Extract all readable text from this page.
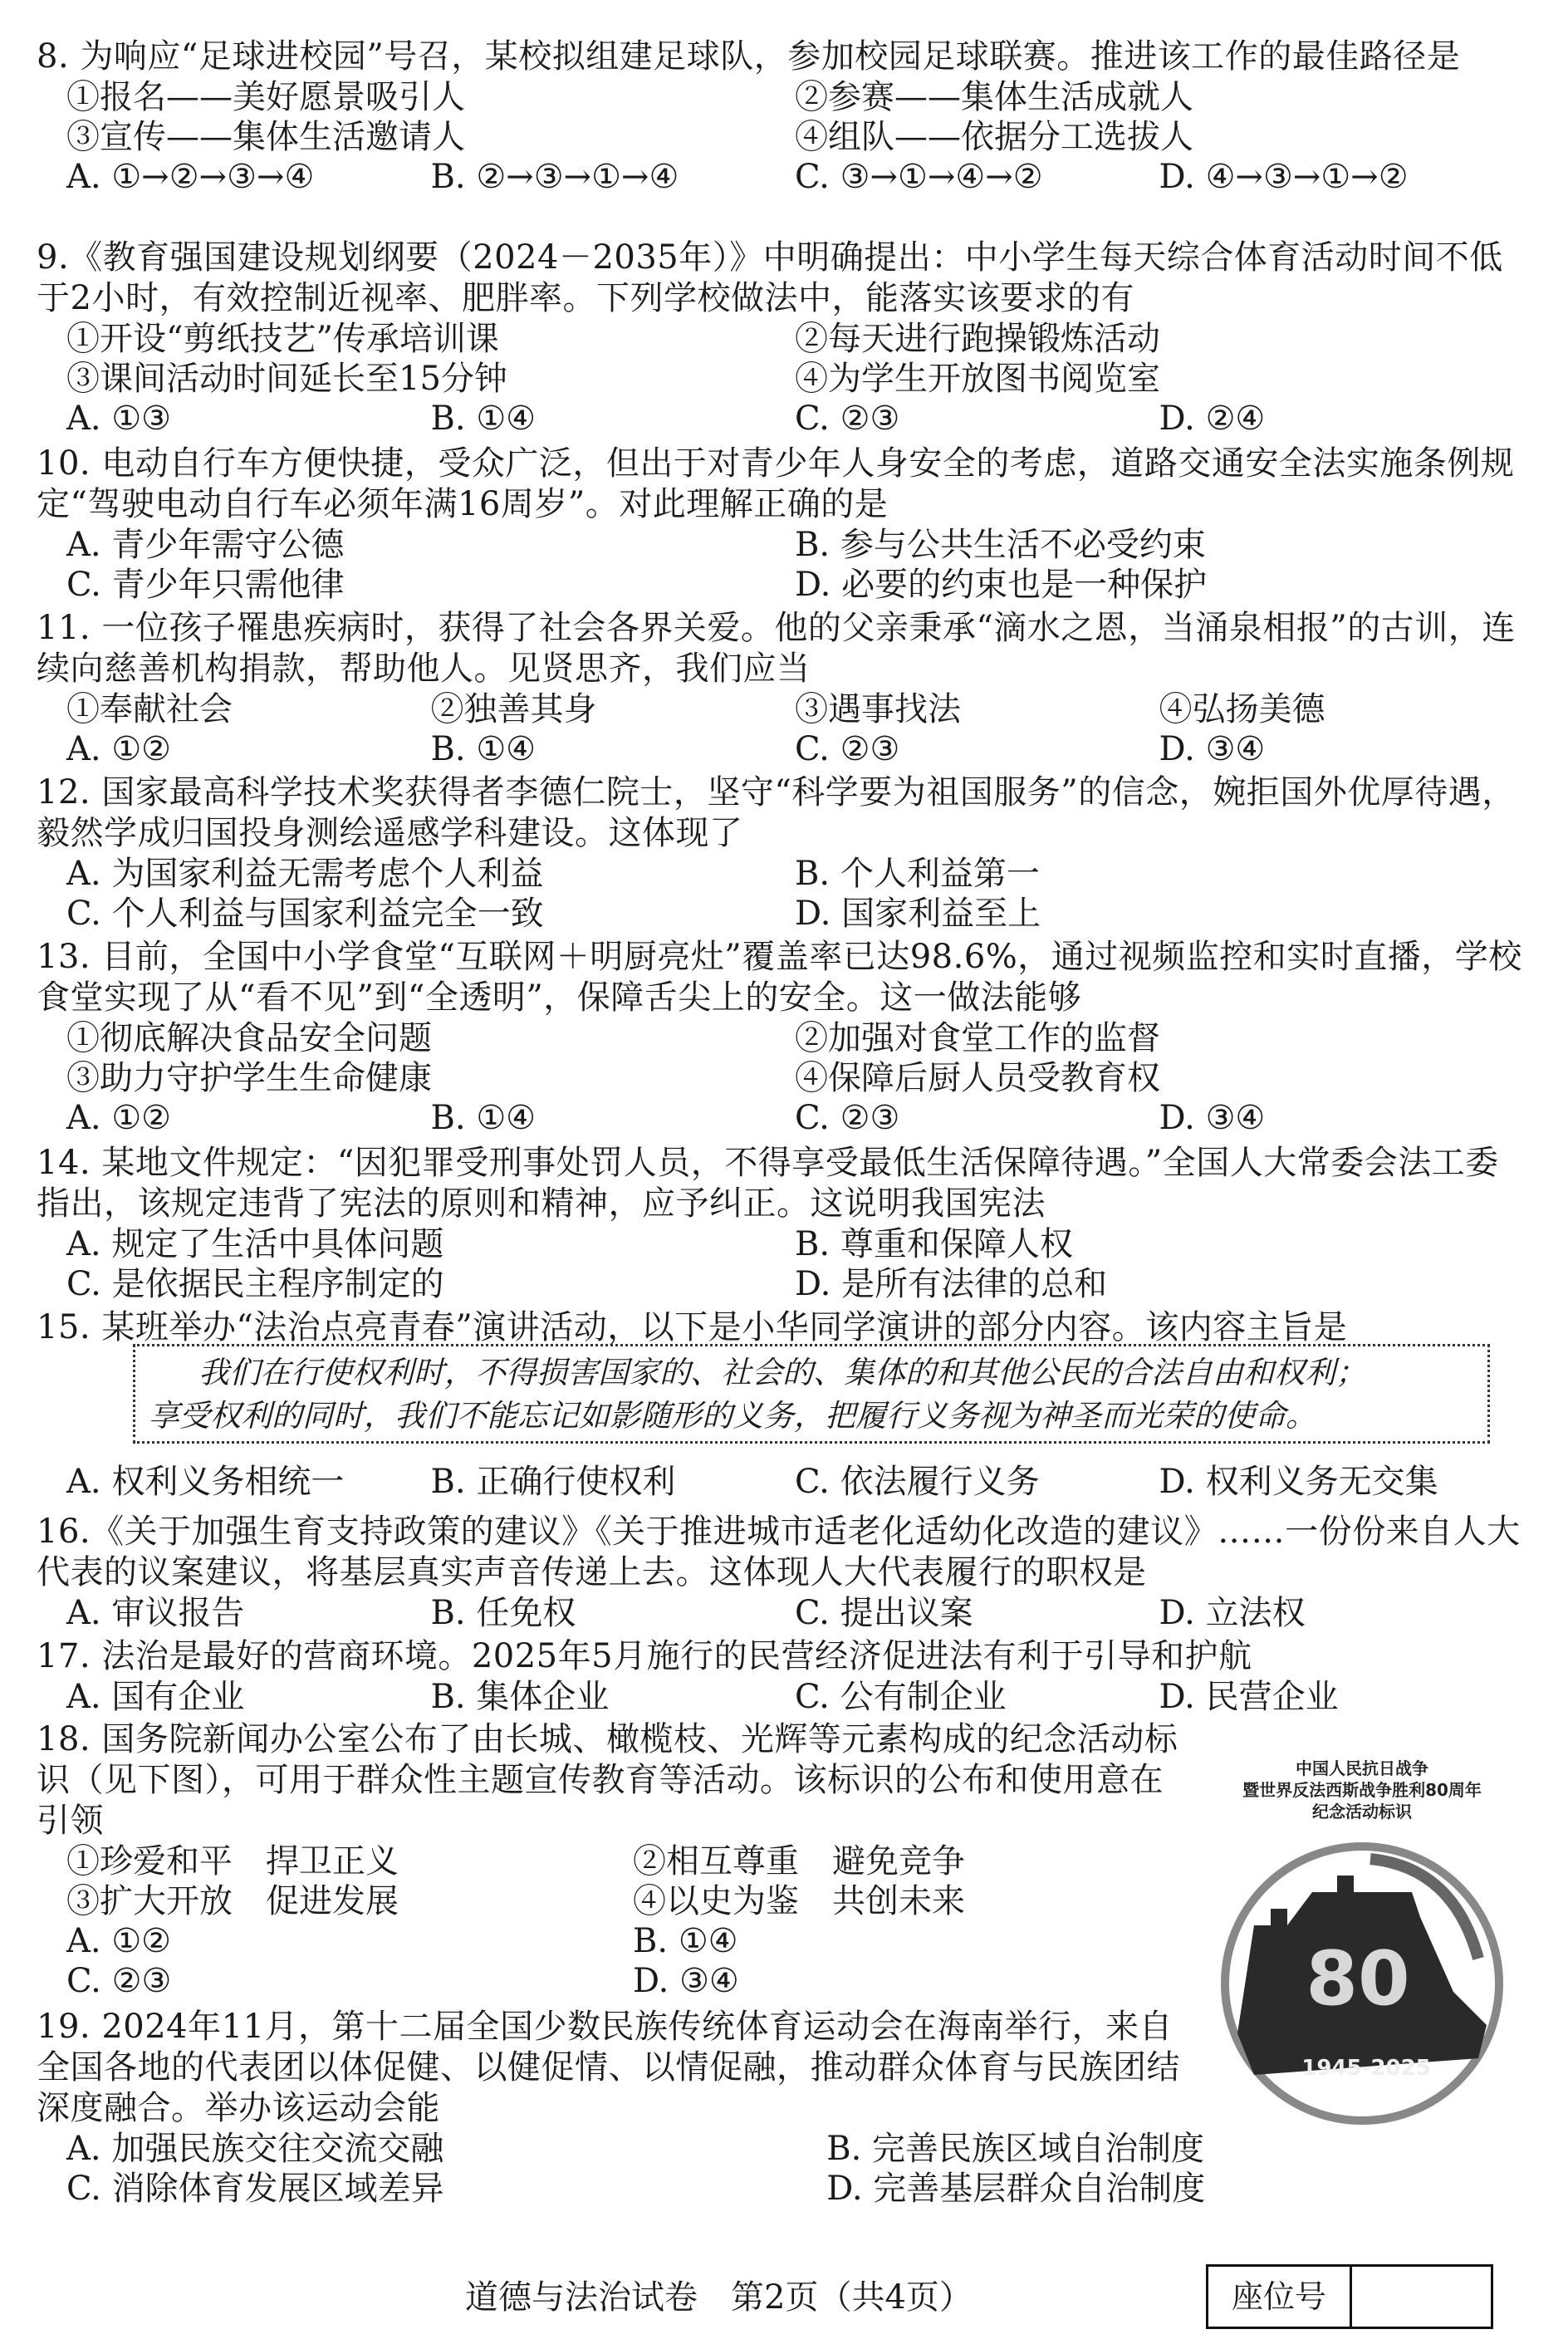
8. 为响应“足球进校园”号召，某校拟组建足球队，参加校园足球联赛。推进该工作的最佳路径是
①报名——美好愿景吸引人	②参赛——集体生活成就人
③宣传——集体生活邀请人	④组队——依据分工选拔人
A. ①→②→③→④	B. ②→③→①→④	C. ③→①→④→②	D. ④→③→①→②
9.《教育强国建设规划纲要（2024－2035年）》中明确提出：中小学生每天综合体育活动时间不低于2小时，有效控制近视率、肥胖率。下列学校做法中，能落实该要求的有
①开设“剪纸技艺”传承培训课	②每天进行跑操锻炼活动
③课间活动时间延长至15分钟	④为学生开放图书阅览室
A. ①③	B. ①④	C. ②③	D. ②④
10. 电动自行车方便快捷，受众广泛，但出于对青少年人身安全的考虑，道路交通安全法实施条例规定“驾驶电动自行车必须年满16周岁”。对此理解正确的是
A. 青少年需守公德	B. 参与公共生活不必受约束
C. 青少年只需他律	D. 必要的约束也是一种保护
11. 一位孩子罹患疾病时，获得了社会各界关爱。他的父亲秉承“滴水之恩，当涌泉相报”的古训，连续向慈善机构捐款，帮助他人。见贤思齐，我们应当
①奉献社会	②独善其身	③遇事找法	④弘扬美德
A. ①②	B. ①④	C. ②③	D. ③④
12. 国家最高科学技术奖获得者李德仁院士，坚守“科学要为祖国服务”的信念，婉拒国外优厚待遇，毅然学成归国投身测绘遥感学科建设。这体现了
A. 为国家利益无需考虑个人利益	B. 个人利益第一
C. 个人利益与国家利益完全一致	D. 国家利益至上
13. 目前，全国中小学食堂“互联网＋明厨亮灶”覆盖率已达98.6%，通过视频监控和实时直播，学校食堂实现了从“看不见”到“全透明”，保障舌尖上的安全。这一做法能够
①彻底解决食品安全问题	②加强对食堂工作的监督
③助力守护学生生命健康	④保障后厨人员受教育权
A. ①②	B. ①④	C. ②③	D. ③④
14. 某地文件规定：“因犯罪受刑事处罚人员，不得享受最低生活保障待遇。”全国人大常委会法工委指出，该规定违背了宪法的原则和精神，应予纠正。这说明我国宪法
A. 规定了生活中具体问题	B. 尊重和保障人权
C. 是依据民主程序制定的	D. 是所有法律的总和
15. 某班举办“法治点亮青春”演讲活动，以下是小华同学演讲的部分内容。该内容主旨是
我们在行使权利时，不得损害国家的、社会的、集体的和其他公民的合法自由和权利；
享受权利的同时，我们不能忘记如影随形的义务，把履行义务视为神圣而光荣的使命。
A. 权利义务相统一	B. 正确行使权利	C. 依法履行义务	D. 权利义务无交集
16.《关于加强生育支持政策的建议》《关于推进城市适老化适幼化改造的建议》……一份份来自人大代表的议案建议，将基层真实声音传递上去。这体现人大代表履行的职权是
A. 审议报告	B. 任免权	C. 提出议案	D. 立法权
17. 法治是最好的营商环境。2025年5月施行的民营经济促进法有利于引导和护航
A. 国有企业	B. 集体企业	C. 公有制企业	D. 民营企业
18. 国务院新闻办公室公布了由长城、橄榄枝、光辉等元素构成的纪念活动标识（见下图），可用于群众性主题宣传教育等活动。该标识的公布和使用意在引领
①珍爱和平　捍卫正义	②相互尊重　避免竞争
③扩大开放　促进发展	④以史为鉴　共创未来
A. ①②	B. ①④
C. ②③	D. ③④
中国人民抗日战争
暨世界反法西斯战争胜利80周年
纪念活动标识
80
1945-2025
19. 2024年11月，第十二届全国少数民族传统体育运动会在海南举行，来自全国各地的代表团以体促健、以健促情、以情促融，推动群众体育与民族团结深度融合。举办该运动会能
A. 加强民族交往交流交融	B. 完善民族区域自治制度
C. 消除体育发展区域差异	D. 完善基层群众自治制度
道德与法治试卷　第2页（共4页）	座位号
